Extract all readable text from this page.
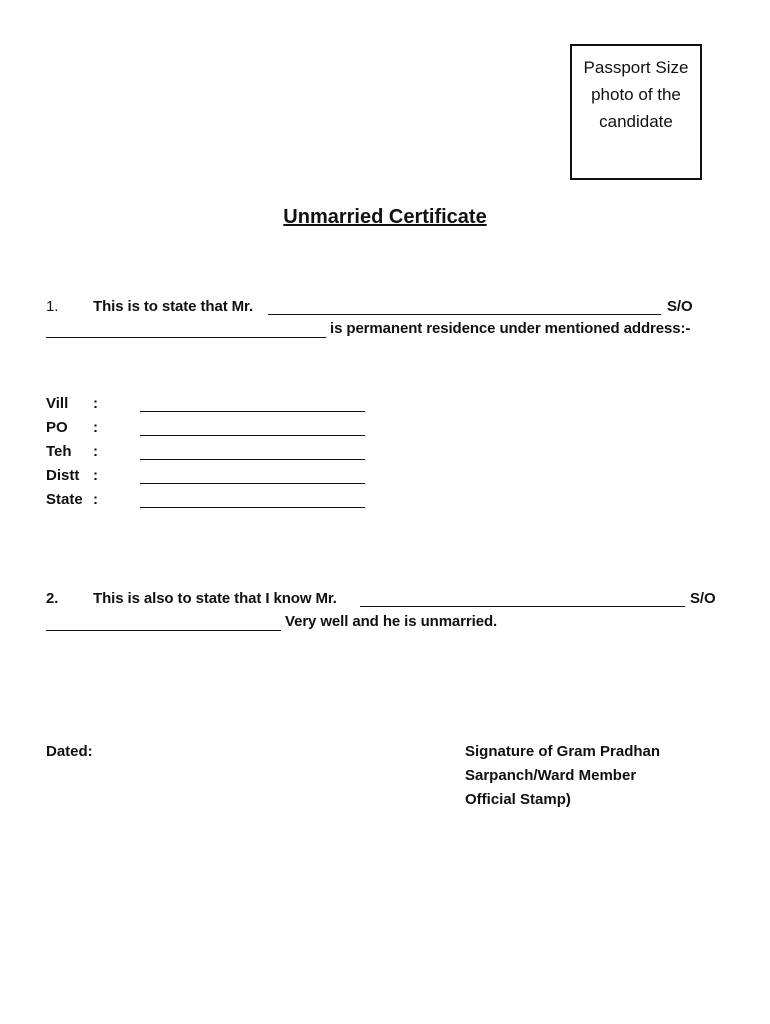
Passport Size
photo of the
candidate
Unmarried Certificate
1. This is to state that Mr.	S/O
is permanent residence under mentioned address:-
Vill :
PO :
Teh :
Distt :
State :
2. This is also to state that I know Mr.	S/O
Very well and he is unmarried.
Dated:	Signature of Gram Pradhan
Sarpanch/Ward Member
Official Stamp)
